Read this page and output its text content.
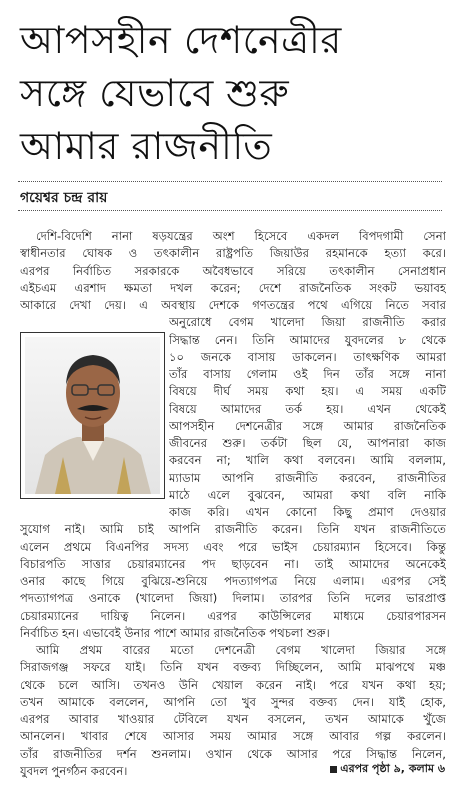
আপসহীন দেশনেত্রীর
সঙ্গে যেভাবে শুরু
আমার রাজনীতি
গয়েশ্বর চন্দ্র রায়
দেশি-বিদেশি নানা ষড়যন্ত্রের অংশ হিসেবে একদল বিপদগামী সেনা
স্বাধীনতার ঘোষক ও তৎকালীন রাষ্ট্রপতি জিয়াউর রহমানকে হত্যা করে।
এরপর নির্বাচিত সরকারকে অবৈধভাবে সরিয়ে তৎকালীন সেনাপ্রধান
এইচএম এরশাদ ক্ষমতা দখল করেন; দেশে রাজনৈতিক সংকট ভয়াবহ
আকারে দেখা দেয়। এ অবস্থায় দেশকে গণতন্ত্রের পথে এগিয়ে নিতে সবার
অনুরোধে বেগম খালেদা জিয়া রাজনীতি করার
সিদ্ধান্ত নেন। তিনি আমাদের যুবদলের ৮ থেকে
১০ জনকে বাসায় ডাকলেন। তাৎক্ষণিক আমরা
তাঁর বাসায় গেলাম ওই দিন তাঁর সঙ্গে নানা
বিষয়ে দীর্ঘ সময় কথা হয়। এ সময় একটি
বিষয়ে আমাদের তর্ক হয়। এখন থেকেই
আপসহীন দেশনেত্রীর সঙ্গে আমার রাজনৈতিক
জীবনের শুরু। তর্কটা ছিল যে, আপনারা কাজ
করবেন না; খালি কথা বলবেন। আমি বললাম,
ম্যাডাম আপনি রাজনীতি করবেন, রাজনীতির
মাঠে এলে বুঝবেন, আমরা কথা বলি নাকি
কাজ করি। এখন কোনো কিছু প্রমাণ দেওয়ার
সুযোগ নাই। আমি চাই আপনি রাজনীতি করেন। তিনি যখন রাজনীতিতে
এলেন প্রথমে বিএনপির সদস্য এবং পরে ভাইস চেয়ারম্যান হিসেবে। কিন্তু
বিচারপতি সাত্তার চেয়ারম্যানের পদ ছাড়বেন না। তাই আমাদের অনেকেই
ওনার কাছে গিয়ে বুঝিয়ে-শুনিয়ে পদত্যাগপত্র নিয়ে এলাম। এরপর সেই
পদত্যাগপত্র ওনাকে (খালেদা জিয়া) দিলাম। তারপর তিনি দলের ভারপ্রাপ্ত
চেয়ারম্যানের দায়িত্ব নিলেন। এরপর কাউন্সিলের মাধ্যমে চেয়ারপারসন
নির্বাচিত হন। এভাবেই উনার পাশে আমার রাজনৈতিক পথচলা শুরু।
আমি প্রথম বারের মতো দেশনেত্রী বেগম খালেদা জিয়ার সঙ্গে
সিরাজগঞ্জ সফরে যাই। তিনি যখন বক্তব্য দিচ্ছিলেন, আমি মাঝপথে মঞ্চ
থেকে চলে আসি। তখনও উনি খেয়াল করেন নাই। পরে যখন কথা হয়;
তখন আমাকে বললেন, আপনি তো খুব সুন্দর বক্তব্য দেন। যাই হোক,
এরপর আবার খাওয়ার টেবিলে যখন বসলেন, তখন আমাকে খুঁজে
আনলেন। খাবার শেষে আসার সময় আমার সঙ্গে আবার গল্প করলেন।
তাঁর রাজনীতির দর্শন শুনলাম। ওখান থেকে আসার পরে সিদ্ধান্ত নিলেন,
যুবদল পুনর্গঠন করবেন।	এরপর পৃষ্ঠা ৯, কলাম ৬
